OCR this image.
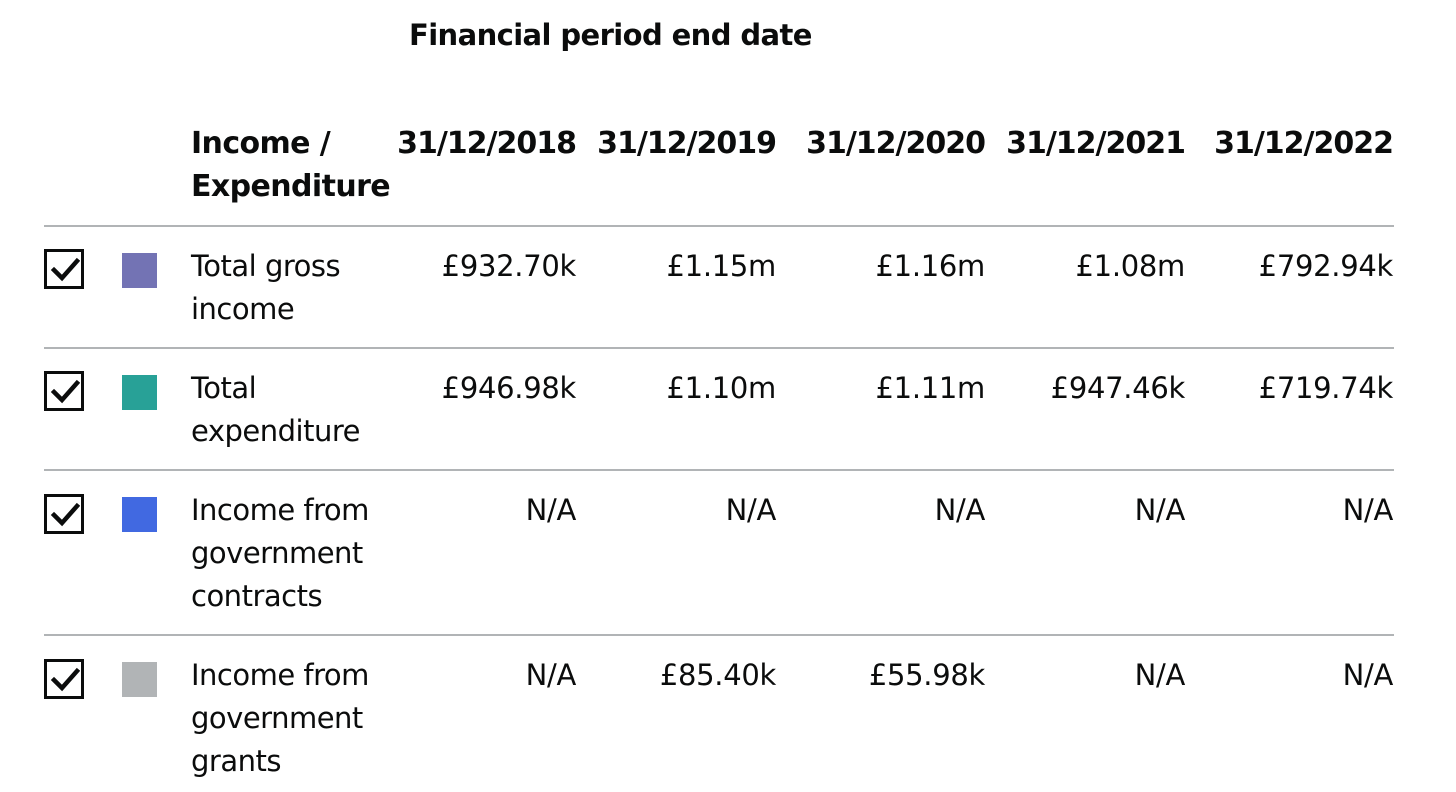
Financial period end date
Income / Expenditure
31/12/2018 31/12/2019	31/12/2020 31/12/2021 31/12/2022
Total gross income
£932.70k	£1.15m	£1.16m	£1.08m	£792.94k
Total expenditure
£946.98k	£1.10m	£1.11m	£947.46k	£719.74k
Income from government contracts
N/A	N/A	N/A	N/A	N/A
Income from government grants
N/A	£85.40k	£55.98k	N/A	N/A
